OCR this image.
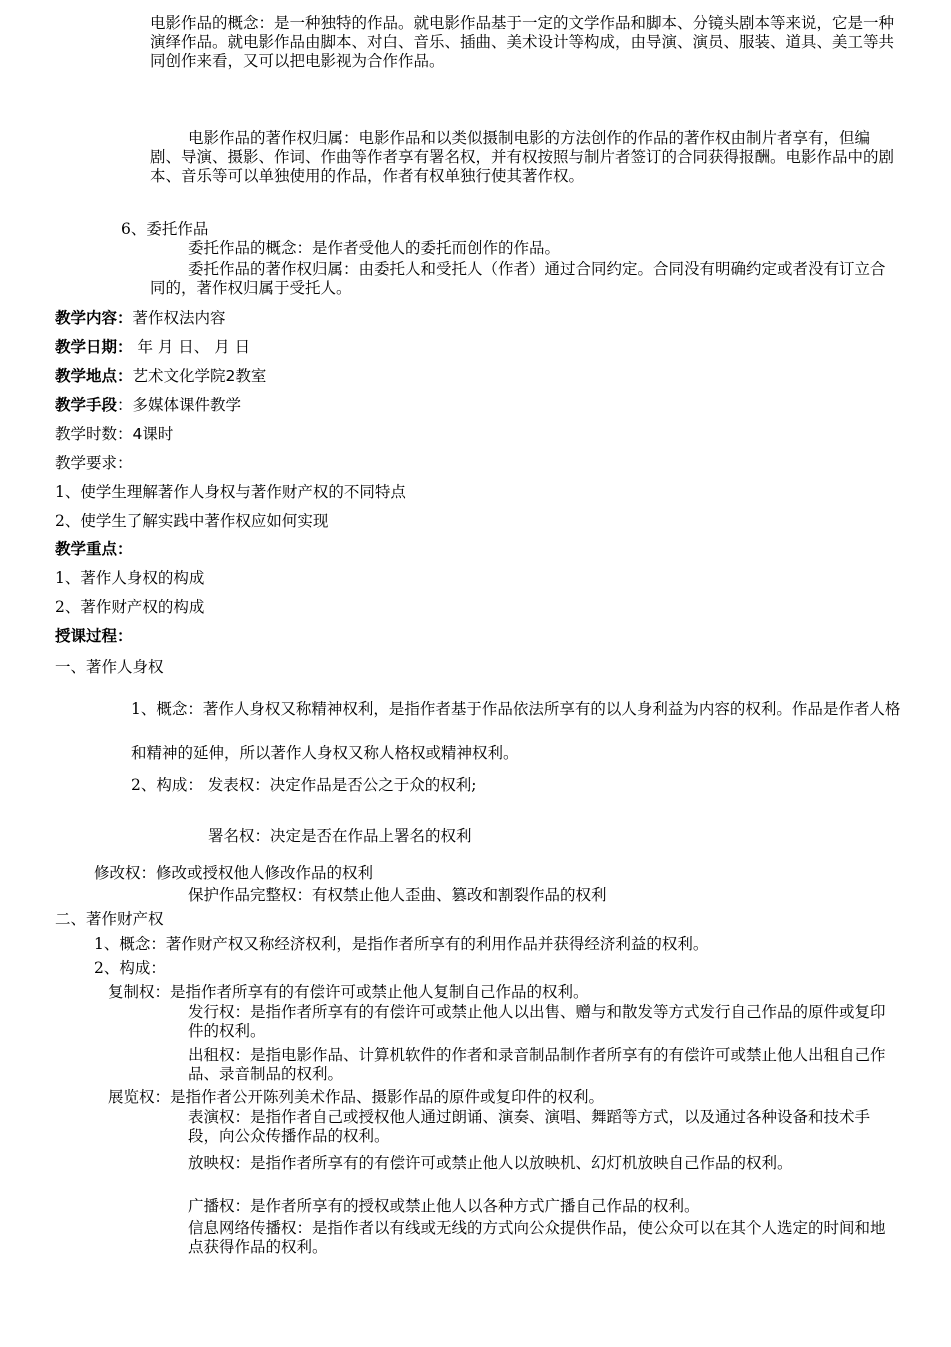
电影作品的概念：是一种独特的作品。就电影作品基于一定的文学作品和脚本、分镜头剧本等来说，它是一种演绎作品。就电影作品由脚本、对白、音乐、插曲、美术设计等构成，由导演、演员、服装、道具、美工等共同创作来看，又可以把电影视为合作作品。
电影作品的著作权归属：电影作品和以类似摄制电影的方法创作的作品的著作权由制片者享有，但编剧、导演、摄影、作词、作曲等作者享有署名权，并有权按照与制片者签订的合同获得报酬。电影作品中的剧本、音乐等可以单独使用的作品，作者有权单独行使其著作权。
6、委托作品
委托作品的概念：是作者受他人的委托而创作的作品。
委托作品的著作权归属：由委托人和受托人（作者）通过合同约定。合同没有明确约定或者没有订立合同的，著作权归属于受托人。
教学内容：著作权法内容
教学日期： 年 月 日、 月 日
教学地点：艺术文化学院2教室
教学手段：多媒体课件教学
教学时数：4课时
教学要求：
1、使学生理解著作人身权与著作财产权的不同特点
2、使学生了解实践中著作权应如何实现
教学重点：
1、著作人身权的构成
2、著作财产权的构成
授课过程：
一、著作人身权
1、概念：著作人身权又称精神权利，是指作者基于作品依法所享有的以人身利益为内容的权利。作品是作者人格和精神的延伸，所以著作人身权又称人格权或精神权利。
2、构成： 发表权：决定作品是否公之于众的权利;
署名权：决定是否在作品上署名的权利
修改权：修改或授权他人修改作品的权利
保护作品完整权：有权禁止他人歪曲、篡改和割裂作品的权利
二、著作财产权
1、概念：著作财产权又称经济权利，是指作者所享有的利用作品并获得经济利益的权利。
2、构成：
复制权：是指作者所享有的有偿许可或禁止他人复制自己作品的权利。
发行权：是指作者所享有的有偿许可或禁止他人以出售、赠与和散发等方式发行自己作品的原件或复印件的权利。
出租权：是指电影作品、计算机软件的作者和录音制品制作者所享有的有偿许可或禁止他人出租自己作品、录音制品的权利。
展览权：是指作者公开陈列美术作品、摄影作品的原件或复印件的权利。
表演权：是指作者自己或授权他人通过朗诵、演奏、演唱、舞蹈等方式，以及通过各种设备和技术手段，向公众传播作品的权利。
放映权：是指作者所享有的有偿许可或禁止他人以放映机、幻灯机放映自己作品的权利。
广播权：是作者所享有的授权或禁止他人以各种方式广播自己作品的权利。
信息网络传播权：是指作者以有线或无线的方式向公众提供作品，使公众可以在其个人选定的时间和地点获得作品的权利。
